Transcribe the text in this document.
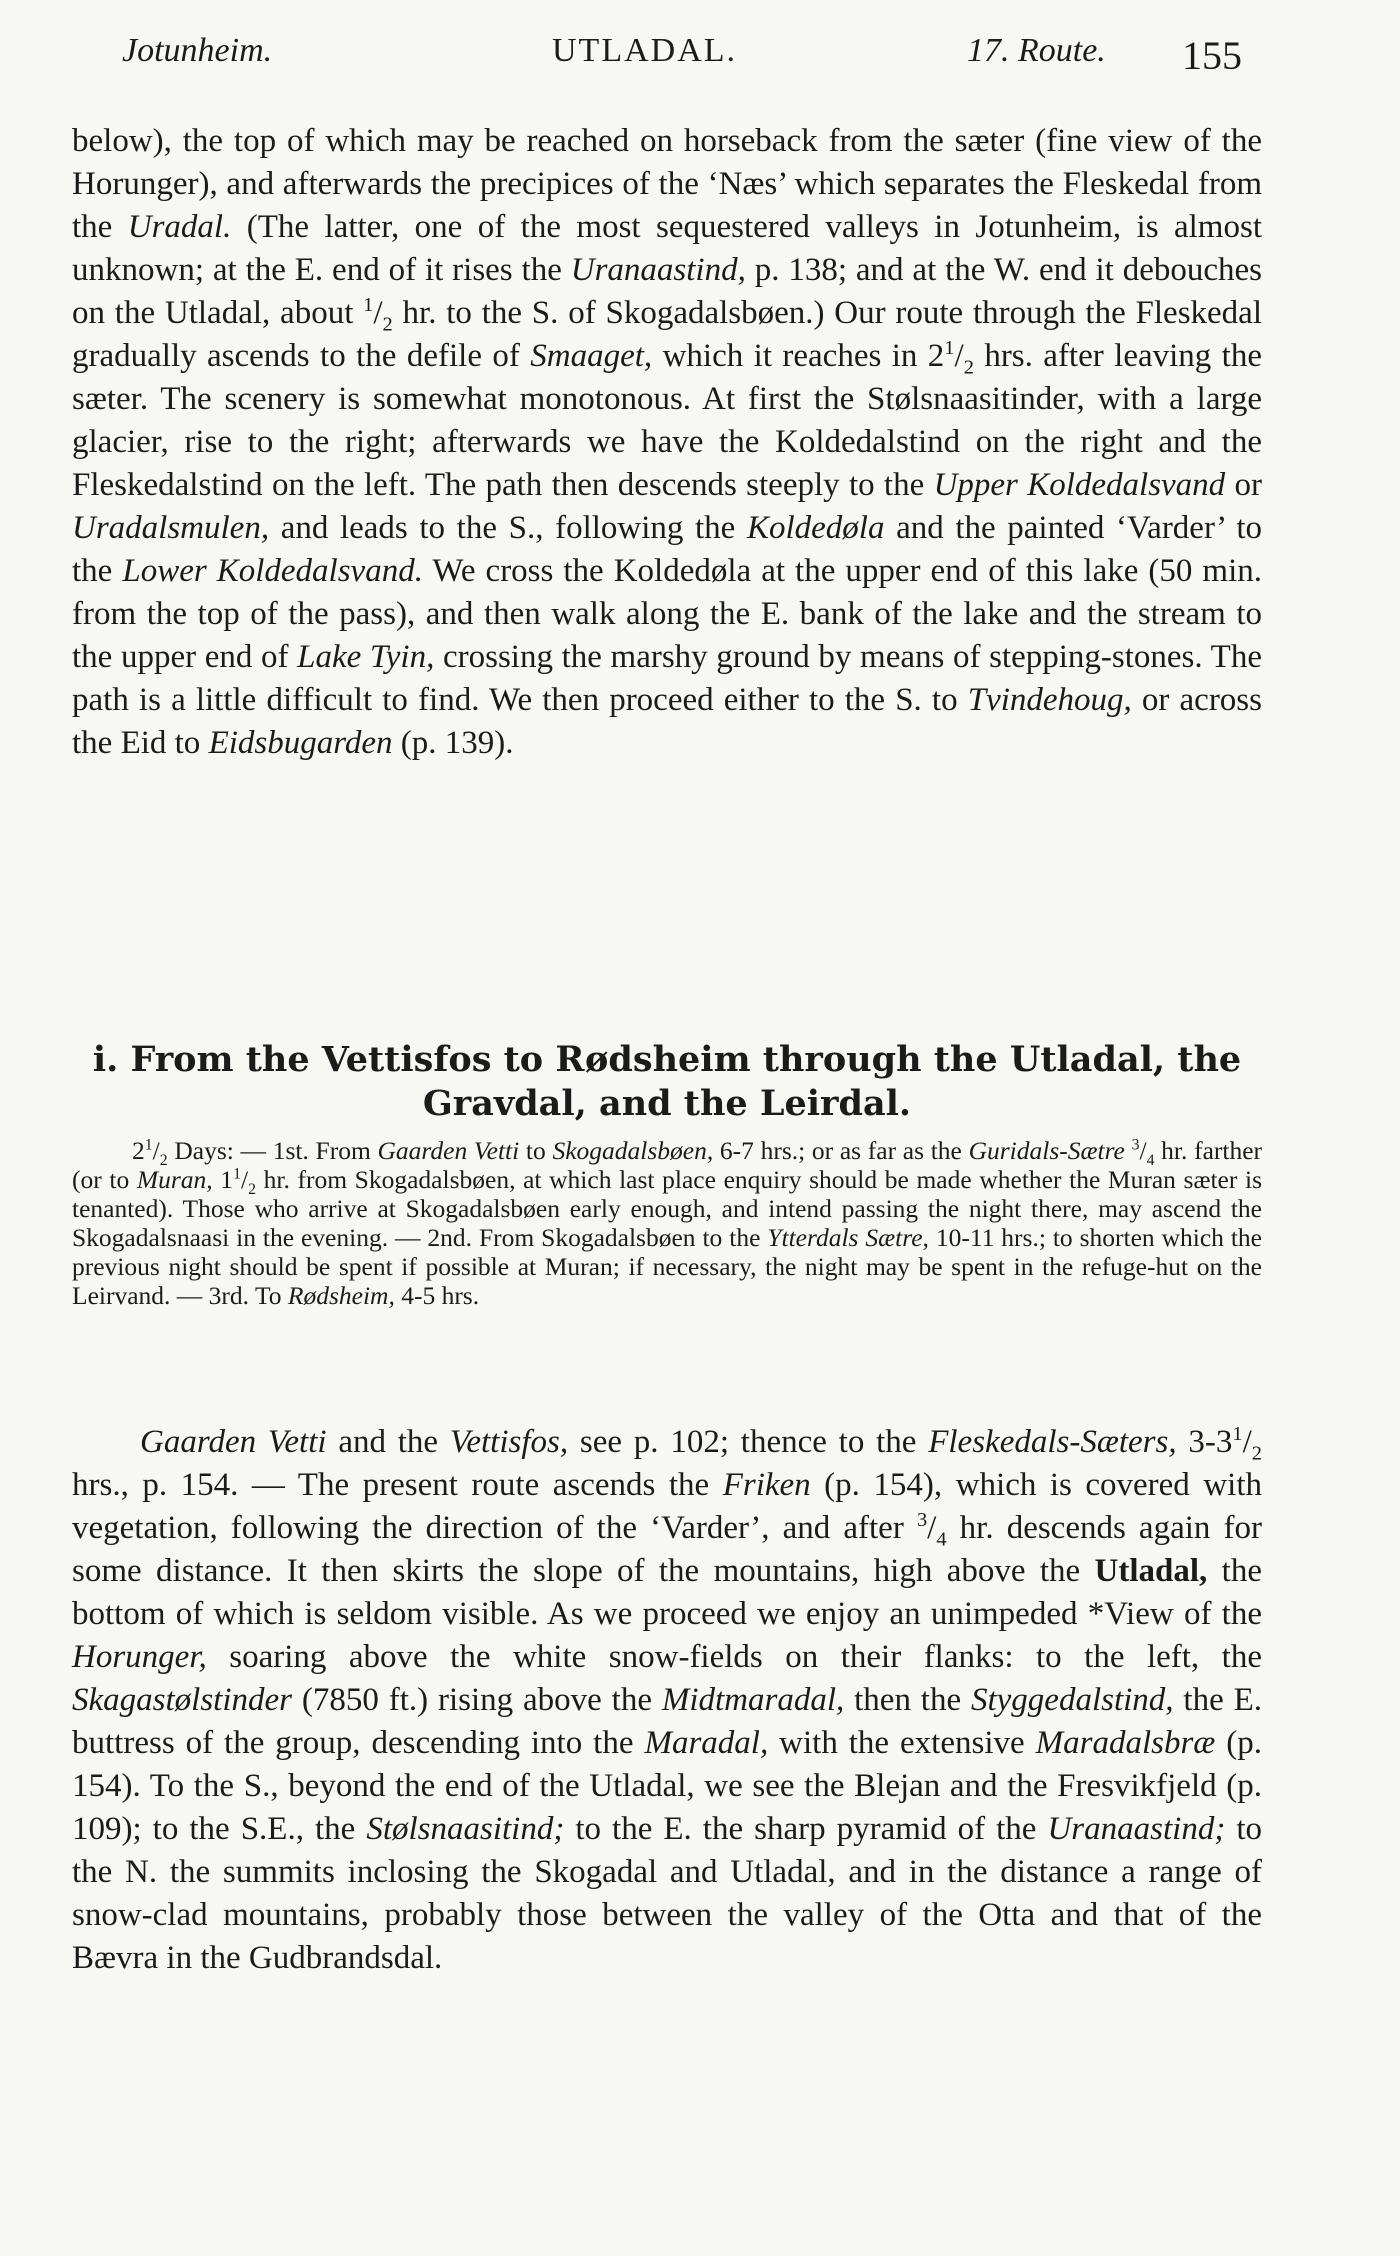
Jotunheim.	UTLADAL.	17. Route. 155

below), the top of which may be reached on horseback from the sæter (fine view of the Horunger), and afterwards the precipices of the ‘Næs’ which separates the Fleskedal from the Uradal. (The latter, one of the most sequestered valleys in Jotunheim, is almost unknown; at the E. end of it rises the Uranaastind, p. 138; and at the W. end it debouches on the Utladal, about $^1/_2$ hr. to the S. of Skogadalsbøen.) Our route through the Fleskedal gradually ascends to the defile of Smaaget, which it reaches in $2^1/_2$ hrs. after leaving the sæter. The scenery is somewhat monotonous. At first the Stølsnaasitinder, with a large glacier, rise to the right; afterwards we have the Koldedalstind on the right and the Fleskedalstind on the left. The path then descends steeply to the Upper Koldedalsvand or Uradalsmulen, and leads to the S., following the Koldedøla and the painted ‘Varder’ to the Lower Koldedalsvand. We cross the Koldedøla at the upper end of this lake (50 min. from the top of the pass), and then walk along the E. bank of the lake and the stream to the upper end of Lake Tyin, crossing the marshy ground by means of stepping-stones. The path is a little difficult to find. We then proceed either to the S. to Tvindehoug, or across the Eid to Eidsbugarden (p. 139).

i. From the Vettisfos to Rødsheim through the Utladal, the Gravdal, and the Leirdal.

$2^1/_2$ Days: — 1st. From Gaarden Vetti to Skogadalsbøen, 6-7 hrs.; or as far as the Guridals-Sætre $^3/_4$ hr. farther (or to Muran, $1^1/_2$ hr. from Skogadalsbøen, at which last place enquiry should be made whether the Muran sæter is tenanted). Those who arrive at Skogadalsbøen early enough, and intend passing the night there, may ascend the Skogadalsnaasi in the evening. — 2nd. From Skogadalsbøen to the Ytterdals Sætre, 10-11 hrs.; to shorten which the previous night should be spent if possible at Muran; if necessary, the night may be spent in the refuge-hut on the Leirvand. — 3rd. To Rødsheim, 4-5 hrs.

Gaarden Vetti and the Vettisfos, see p. 102; thence to the Fleskedals-Sæters, $3-3^1/_2$ hrs., p. 154. — The present route ascends the Friken (p. 154), which is covered with vegetation, following the direction of the ‘Varder’, and after $^3/_4$ hr. descends again for some distance. It then skirts the slope of the mountains, high above the Utladal, the bottom of which is seldom visible. As we proceed we enjoy an unimpeded *View of the Horunger, soaring above the white snow-fields on their flanks: to the left, the Skagastølstinder (7850 ft.) rising above the Midtmaradal, then the Styggedalstind, the E. buttress of the group, descending into the Maradal, with the extensive Maradalsbræ (p. 154). To the S., beyond the end of the Utladal, we see the Blejan and the Fresvikfjeld (p. 109); to the S.E., the Stølsnaasitind; to the E. the sharp pyramid of the Uranaastind; to the N. the summits inclosing the Skogadal and Utladal, and in the distance a range of snow-clad mountains, probably those between the valley of the Otta and that of the Bævra in the Gudbrandsdal.
